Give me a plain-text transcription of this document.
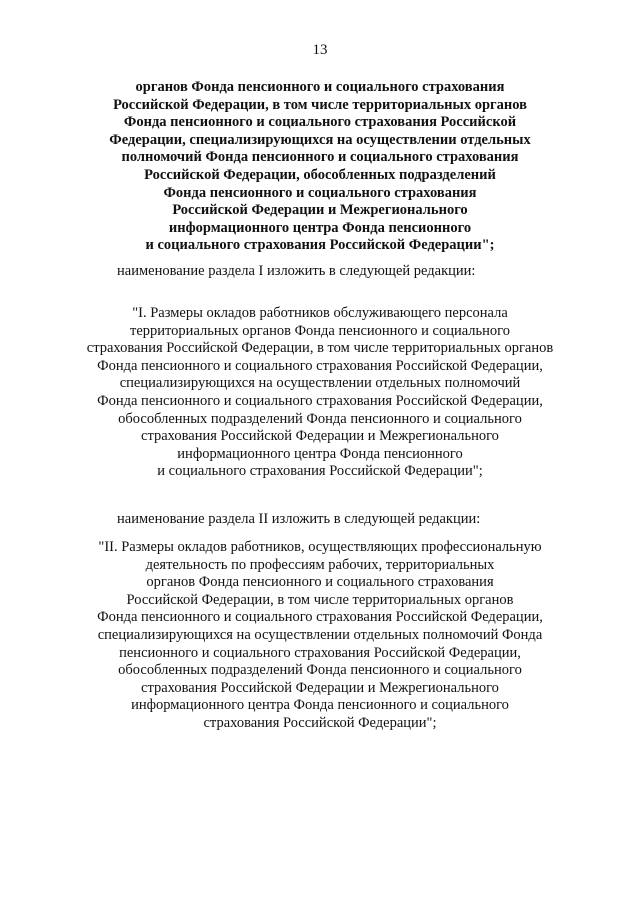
13
органов Фонда пенсионного и социального страхования
Российской Федерации, в том числе территориальных органов
Фонда пенсионного и социального страхования Российской
Федерации, специализирующихся на осуществлении отдельных
полномочий Фонда пенсионного и социального страхования
Российской Федерации, обособленных подразделений
Фонда пенсионного и социального страхования
Российской Федерации и Межрегионального
информационного центра Фонда пенсионного
и социального страхования Российской Федерации";
наименование раздела I изложить в следующей редакции:
"I. Размеры окладов работников обслуживающего персонала
территориальных органов Фонда пенсионного и социального
страхования Российской Федерации, в том числе территориальных органов
Фонда пенсионного и социального страхования Российской Федерации,
специализирующихся на осуществлении отдельных полномочий
Фонда пенсионного и социального страхования Российской Федерации,
обособленных подразделений Фонда пенсионного и социального
страхования Российской Федерации и Межрегионального
информационного центра Фонда пенсионного
и социального страхования Российской Федерации";
наименование раздела II изложить в следующей редакции:
"II. Размеры окладов работников, осуществляющих профессиональную
деятельность по профессиям рабочих, территориальных
органов Фонда пенсионного и социального страхования
Российской Федерации, в том числе территориальных органов
Фонда пенсионного и социального страхования Российской Федерации,
специализирующихся на осуществлении отдельных полномочий Фонда
пенсионного и социального страхования Российской Федерации,
обособленных подразделений Фонда пенсионного и социального
страхования Российской Федерации и Межрегионального
информационного центра Фонда пенсионного и социального
страхования Российской Федерации";
